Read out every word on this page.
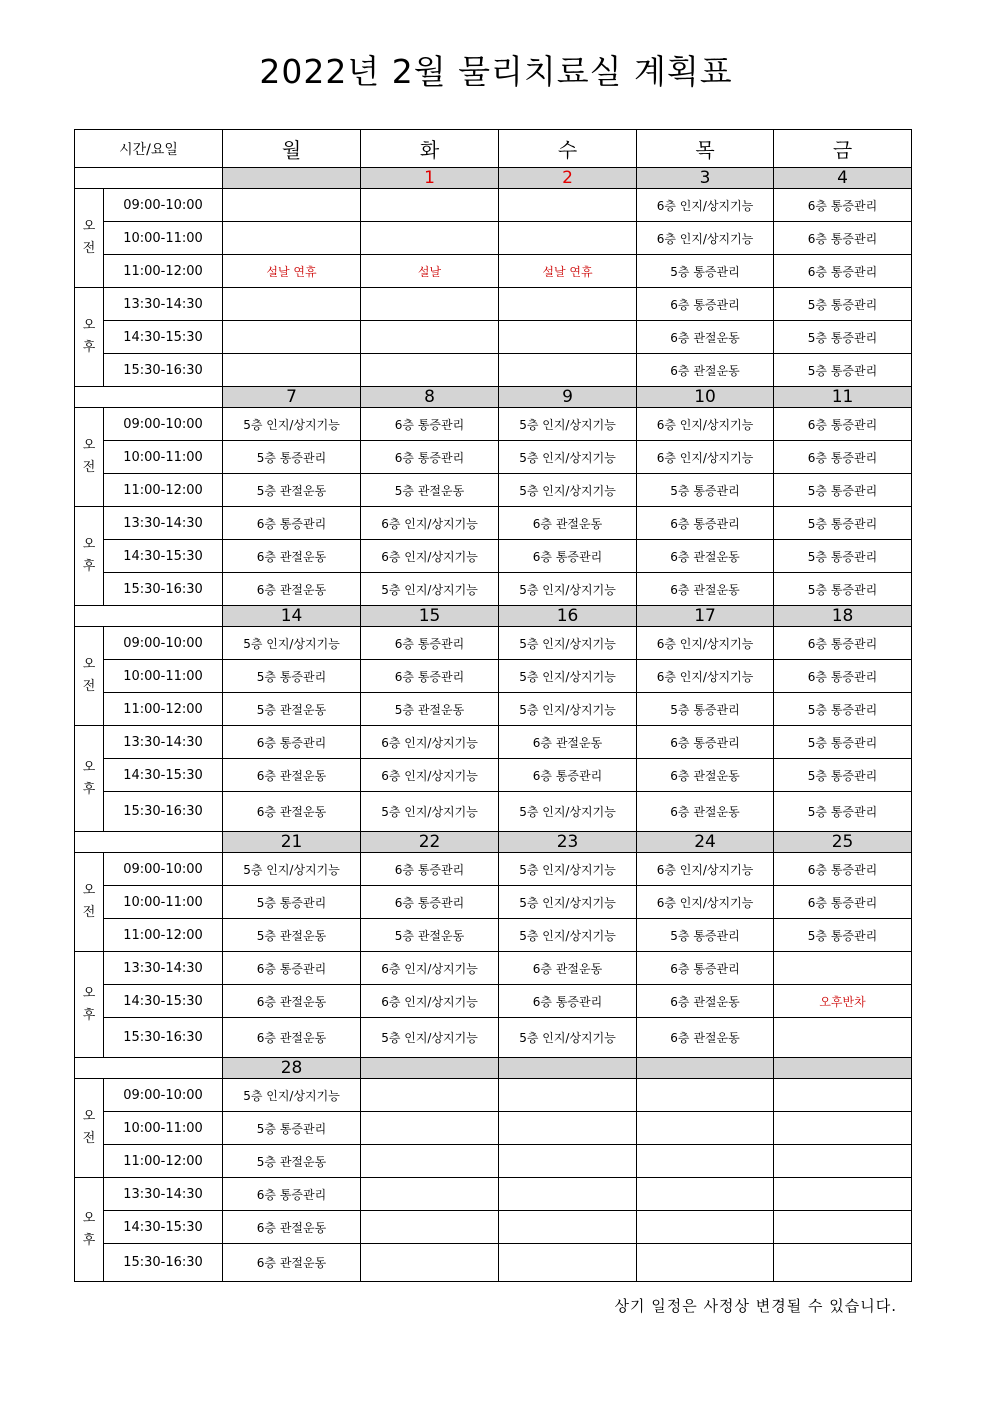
2022년 2월 물리치료실 계획표
시간/요일		월	화	수	목	금
			1	2	3	4

오
전	09:00-10:00				6층 인지/상지기능	6층 통증관리
	10:00-11:00				6층 인지/상지기능	6층 통증관리
	11:00-12:00	설날 연휴	설날	설날 연휴	5층 통증관리	6층 통증관리

오
후	13:30-14:30				6층 통증관리	5층 통증관리
	14:30-15:30				6층 관절운동	5층 통증관리
	15:30-16:30				6층 관절운동	5층 통증관리
		7	8	9	10	11

오
전	09:00-10:00	5층 인지/상지기능	6층 통증관리	5층 인지/상지기능	6층 인지/상지기능	6층 통증관리
	10:00-11:00	5층 통증관리	6층 통증관리	5층 인지/상지기능	6층 인지/상지기능	6층 통증관리
	11:00-12:00	5층 관절운동	5층 관절운동	5층 인지/상지기능	5층 통증관리	5층 통증관리

오
후	13:30-14:30	6층 통증관리	6층 인지/상지기능	6층 관절운동	6층 통증관리	5층 통증관리
	14:30-15:30	6층 관절운동	6층 인지/상지기능	6층 통증관리	6층 관절운동	5층 통증관리
	15:30-16:30	6층 관절운동	5층 인지/상지기능	5층 인지/상지기능	6층 관절운동	5층 통증관리
		14	15	16	17	18

오
전	09:00-10:00	5층 인지/상지기능	6층 통증관리	5층 인지/상지기능	6층 인지/상지기능	6층 통증관리
	10:00-11:00	5층 통증관리	6층 통증관리	5층 인지/상지기능	6층 인지/상지기능	6층 통증관리
	11:00-12:00	5층 관절운동	5층 관절운동	5층 인지/상지기능	5층 통증관리	5층 통증관리

오
후	13:30-14:30	6층 통증관리	6층 인지/상지기능	6층 관절운동	6층 통증관리	5층 통증관리
	14:30-15:30	6층 관절운동	6층 인지/상지기능	6층 통증관리	6층 관절운동	5층 통증관리
	15:30-16:30	6층 관절운동	5층 인지/상지기능	5층 인지/상지기능	6층 관절운동	5층 통증관리
		21	22	23	24	25

오
전	09:00-10:00	5층 인지/상지기능	6층 통증관리	5층 인지/상지기능	6층 인지/상지기능	6층 통증관리
	10:00-11:00	5층 통증관리	6층 통증관리	5층 인지/상지기능	6층 인지/상지기능	6층 통증관리
	11:00-12:00	5층 관절운동	5층 관절운동	5층 인지/상지기능	5층 통증관리	5층 통증관리

오
후	13:30-14:30	6층 통증관리	6층 인지/상지기능	6층 관절운동	6층 통증관리	
	14:30-15:30	6층 관절운동	6층 인지/상지기능	6층 통증관리	6층 관절운동	오후반차
	15:30-16:30	6층 관절운동	5층 인지/상지기능	5층 인지/상지기능	6층 관절운동	
		28				

오
전	09:00-10:00	5층 인지/상지기능				
	10:00-11:00	5층 통증관리				
	11:00-12:00	5층 관절운동				

오
후	13:30-14:30	6층 통증관리				
	14:30-15:30	6층 관절운동				
	15:30-16:30	6층 관절운동				
상기 일정은 사정상 변경될 수 있습니다.
